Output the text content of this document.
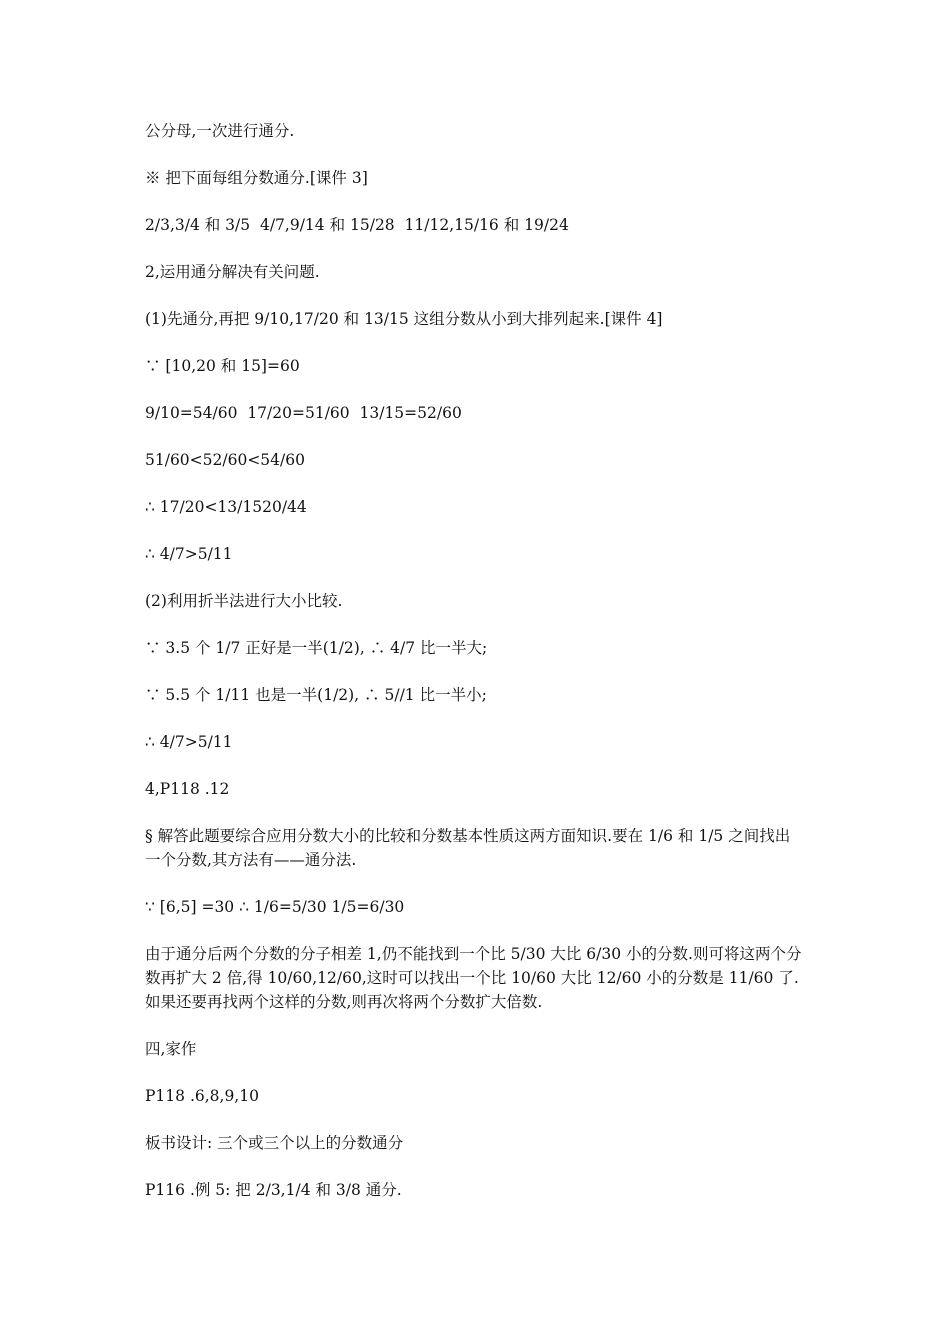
公分母,一次进行通分.

※ 把下面每组分数通分.[课件 3]

2/3,3/4 和 3/5  4/7,9/14 和 15/28  11/12,15/16 和 19/24

2,运用通分解决有关问题.

(1)先通分,再把 9/10,17/20 和 13/15 这组分数从小到大排列起来.[课件 4]

∵ [10,20 和 15]=60

9/10=54/60  17/20=51/60  13/15=52/60

51/60<52/60<54/60

∴ 17/20<13/1520/44

∴ 4/7>5/11

(2)利用折半法进行大小比较.

∵ 3.5 个 1/7 正好是一半(1/2), ∴ 4/7 比一半大;

∵ 5.5 个 1/11 也是一半(1/2), ∴ 5//1 比一半小;

∴ 4/7>5/11

4,P118 .12

§ 解答此题要综合应用分数大小的比较和分数基本性质这两方面知识.要在 1/6 和 1/5 之间找出一个分数,其方法有——通分法.

∵ [6,5] =30 ∴ 1/6=5/30 1/5=6/30

由于通分后两个分数的分子相差 1,仍不能找到一个比 5/30 大比 6/30 小的分数.则可将这两个分数再扩大 2 倍,得 10/60,12/60,这时可以找出一个比 10/60 大比 12/60 小的分数是 11/60 了.如果还要再找两个这样的分数,则再次将两个分数扩大倍数.

四,家作

P118 .6,8,9,10

板书设计: 三个或三个以上的分数通分

P116 .例 5: 把 2/3,1/4 和 3/8 通分.
